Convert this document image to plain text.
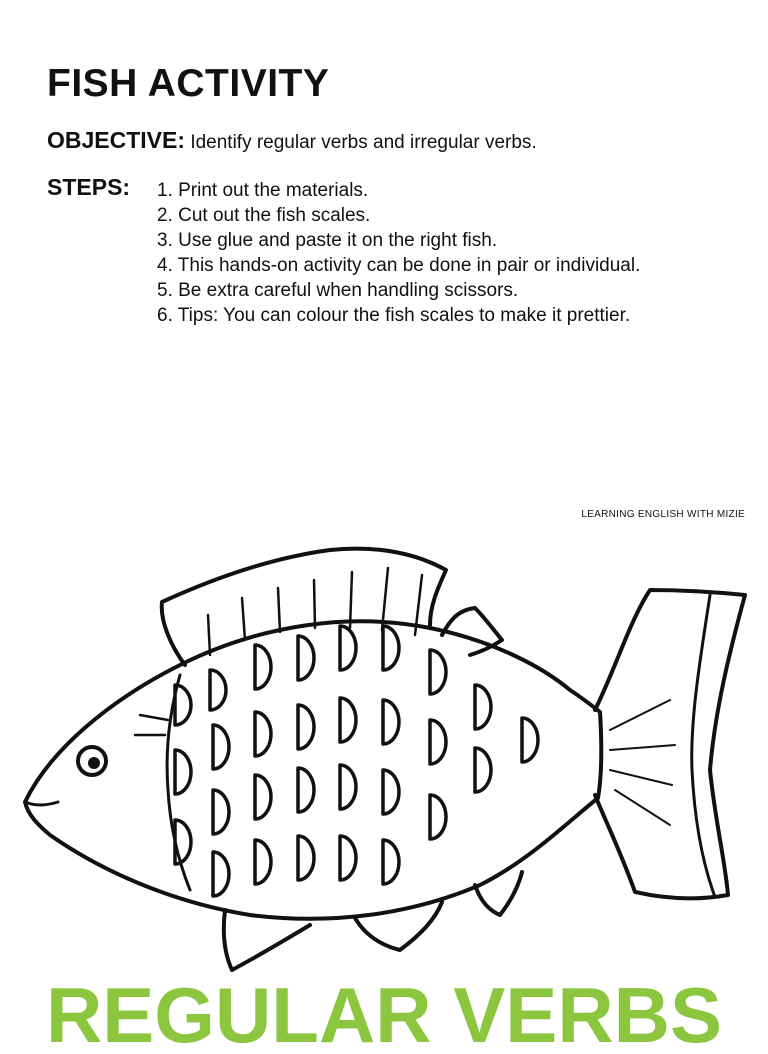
FISH ACTIVITY
OBJECTIVE: Identify regular verbs and irregular verbs.
STEPS: 1. Print out the materials.
2. Cut out the fish scales.
3. Use glue and paste it on the right fish.
4. This hands-on activity can be done in pair or individual.
5. Be extra careful when handling scissors.
6. Tips: You can colour the fish scales to make it prettier.
LEARNING ENGLISH WITH MIZIE
REGULAR VERBS
